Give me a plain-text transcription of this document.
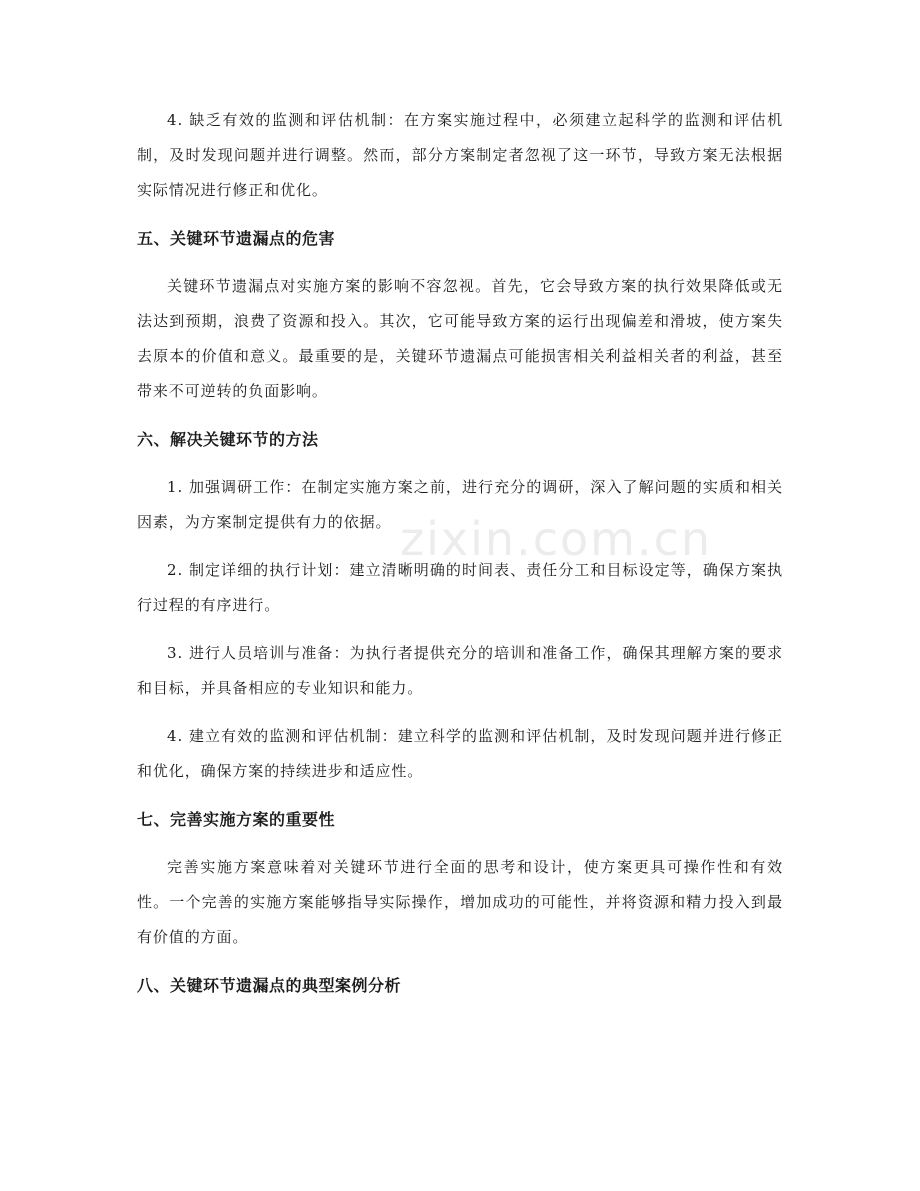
zixin.com.cn

4. 缺乏有效的监测和评估机制：在方案实施过程中，必须建立起科学的监测和评估机制，及时发现问题并进行调整。然而，部分方案制定者忽视了这一环节，导致方案无法根据实际情况进行修正和优化。

五、关键环节遗漏点的危害

关键环节遗漏点对实施方案的影响不容忽视。首先，它会导致方案的执行效果降低或无法达到预期，浪费了资源和投入。其次，它可能导致方案的运行出现偏差和滑坡，使方案失去原本的价值和意义。最重要的是，关键环节遗漏点可能损害相关利益相关者的利益，甚至带来不可逆转的负面影响。

六、解决关键环节的方法

1. 加强调研工作：在制定实施方案之前，进行充分的调研，深入了解问题的实质和相关因素，为方案制定提供有力的依据。

2. 制定详细的执行计划：建立清晰明确的时间表、责任分工和目标设定等，确保方案执行过程的有序进行。

3. 进行人员培训与准备：为执行者提供充分的培训和准备工作，确保其理解方案的要求和目标，并具备相应的专业知识和能力。

4. 建立有效的监测和评估机制：建立科学的监测和评估机制，及时发现问题并进行修正和优化，确保方案的持续进步和适应性。

七、完善实施方案的重要性

完善实施方案意味着对关键环节进行全面的思考和设计，使方案更具可操作性和有效性。一个完善的实施方案能够指导实际操作，增加成功的可能性，并将资源和精力投入到最有价值的方面。

八、关键环节遗漏点的典型案例分析
